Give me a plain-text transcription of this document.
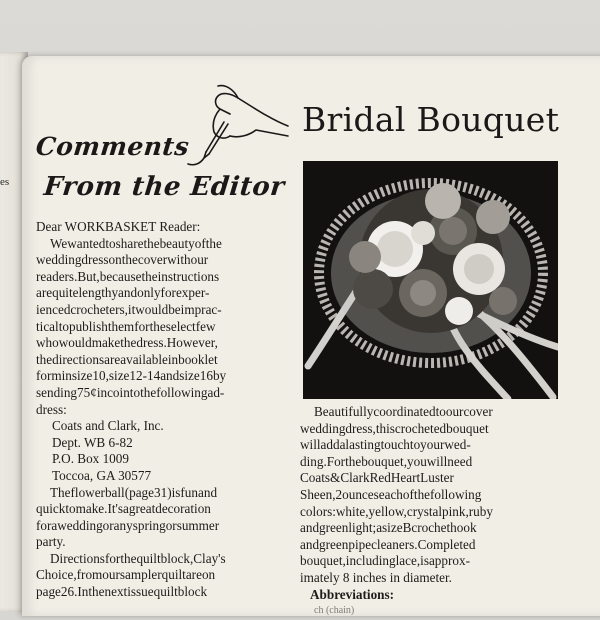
es
Comments
From the Editor
Dear WORKBASKET Reader:
Wewantedtosharethebeautyofthe
weddingdressonthecoverwithour
readers.But,becausetheinstructions
arequitelengthyandonlyforexper-
iencedcrocheters,itwouldbeimprac-
ticaltopublishthemfortheselectfew
whowouldmakethedress.However,
thedirectionsareavailableinbooklet
forminsize10,size12-14andsize16by
sending75¢incointothefollowingad-
dress:
Coats and Clark, Inc.
Dept. WB 6-82
P.O. Box 1009
Toccoa, GA 30577
Theflowerball(page31)isfunand
quicktomake.It'sagreatdecoration
foraweddingoranyspringorsummer
party.
Directionsforthequiltblock,Clay's
Choice,fromoursamplerquiltareon
page26.Inthenextissuequiltblock
Bridal Bouquet
Beautifullycoordinatedtoourcover
weddingdress,thiscrochetedbouquet
willaddalastingtouchtoyourwed-
ding.Forthebouquet,youwillneed
Coats&ClarkRedHeartLuster
Sheen,2ounceseachofthefollowing
colors:white,yellow,crystalpink,ruby
andgreenlight;asizeBcrochethook
andgreenpipecleaners.Completed
bouquet,includinglace,isapprox-
imately 8 inches in diameter.
Abbreviations:
ch (chain)
